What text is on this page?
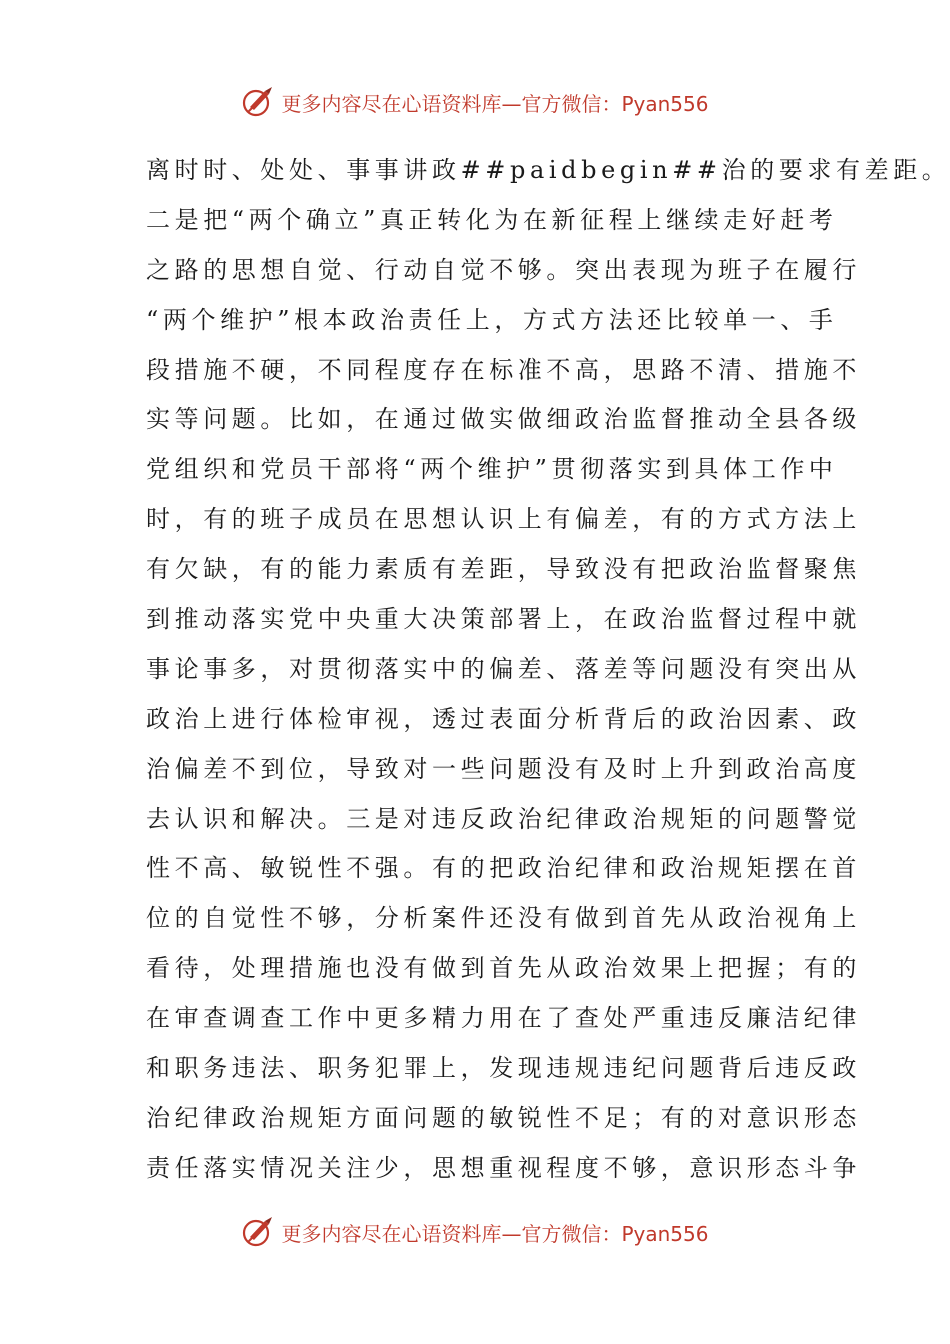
更多内容尽在心语资料库—官方微信：Pyan556
离时时、处处、事事讲政##paidbegin##治的要求有差距。
二是把“两个确立”真正转化为在新征程上继续走好赶考
之路的思想自觉、行动自觉不够。突出表现为班子在履行
“两个维护”根本政治责任上，方式方法还比较单一、手
段措施不硬，不同程度存在标准不高，思路不清、措施不
实等问题。比如，在通过做实做细政治监督推动全县各级
党组织和党员干部将“两个维护”贯彻落实到具体工作中
时，有的班子成员在思想认识上有偏差，有的方式方法上
有欠缺，有的能力素质有差距，导致没有把政治监督聚焦
到推动落实党中央重大决策部署上，在政治监督过程中就
事论事多，对贯彻落实中的偏差、落差等问题没有突出从
政治上进行体检审视，透过表面分析背后的政治因素、政
治偏差不到位，导致对一些问题没有及时上升到政治高度
去认识和解决。三是对违反政治纪律政治规矩的问题警觉
性不高、敏锐性不强。有的把政治纪律和政治规矩摆在首
位的自觉性不够，分析案件还没有做到首先从政治视角上
看待，处理措施也没有做到首先从政治效果上把握；有的
在审查调查工作中更多精力用在了查处严重违反廉洁纪律
和职务违法、职务犯罪上，发现违规违纪问题背后违反政
治纪律政治规矩方面问题的敏锐性不足；有的对意识形态
责任落实情况关注少，思想重视程度不够，意识形态斗争
更多内容尽在心语资料库—官方微信：Pyan556
